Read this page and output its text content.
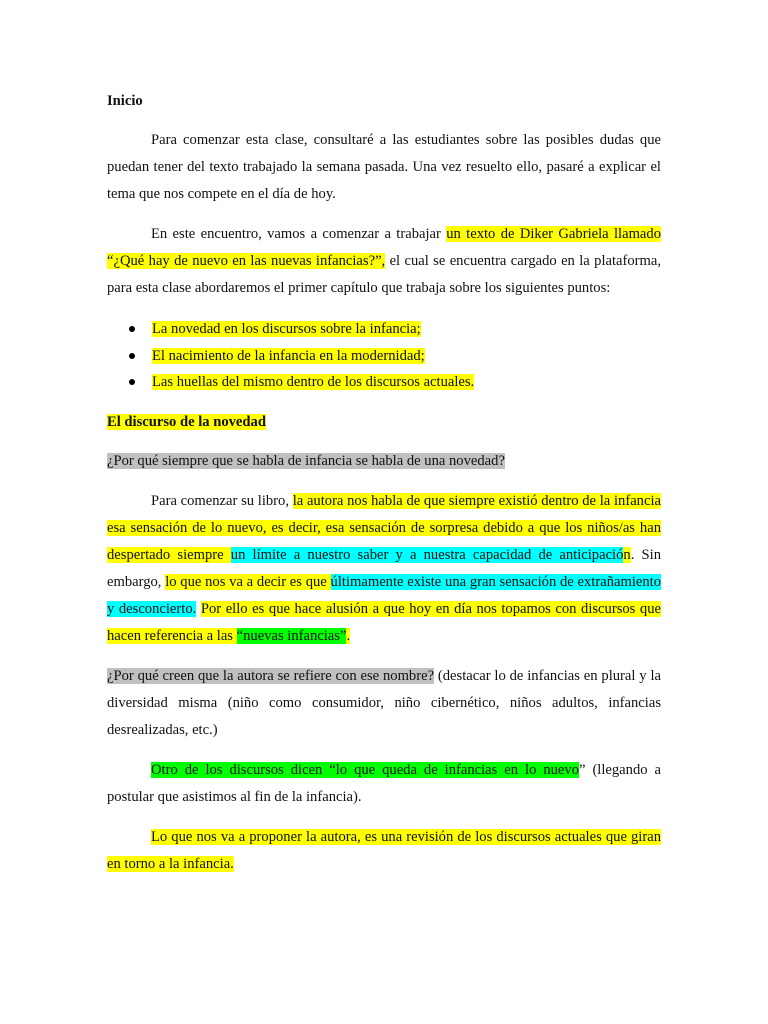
Inicio

Para comenzar esta clase, consultaré a las estudiantes sobre las posibles dudas que puedan tener del texto trabajado la semana pasada. Una vez resuelto ello, pasaré a explicar el tema que nos compete en el día de hoy.

En este encuentro, vamos a comenzar a trabajar un texto de Diker Gabriela llamado “¿Qué hay de nuevo en las nuevas infancias?”, el cual se encuentra cargado en la plataforma, para esta clase abordaremos el primer capítulo que trabaja sobre los siguientes puntos:

La novedad en los discursos sobre la infancia;
El nacimiento de la infancia en la modernidad;
Las huellas del mismo dentro de los discursos actuales.

El discurso de la novedad

¿Por qué siempre que se habla de infancia se habla de una novedad?

Para comenzar su libro, la autora nos habla de que siempre existió dentro de la infancia esa sensación de lo nuevo, es decir, esa sensación de sorpresa debido a que los niños/as han despertado siempre un límite a nuestro saber y a nuestra capacidad de anticipación. Sin embargo, lo que nos va a decir es que últimamente existe una gran sensación de extrañamiento y desconcierto. Por ello es que hace alusión a que hoy en día nos topamos con discursos que hacen referencia a las “nuevas infancias”.

¿Por qué creen que la autora se refiere con ese nombre? (destacar lo de infancias en plural y la diversidad misma (niño como consumidor, niño cibernético, niños adultos, infancias desrealizadas, etc.)

Otro de los discursos dicen “lo que queda de infancias en lo nuevo” (llegando a postular que asistimos al fin de la infancia).

Lo que nos va a proponer la autora, es una revisión de los discursos actuales que giran en torno a la infancia.
